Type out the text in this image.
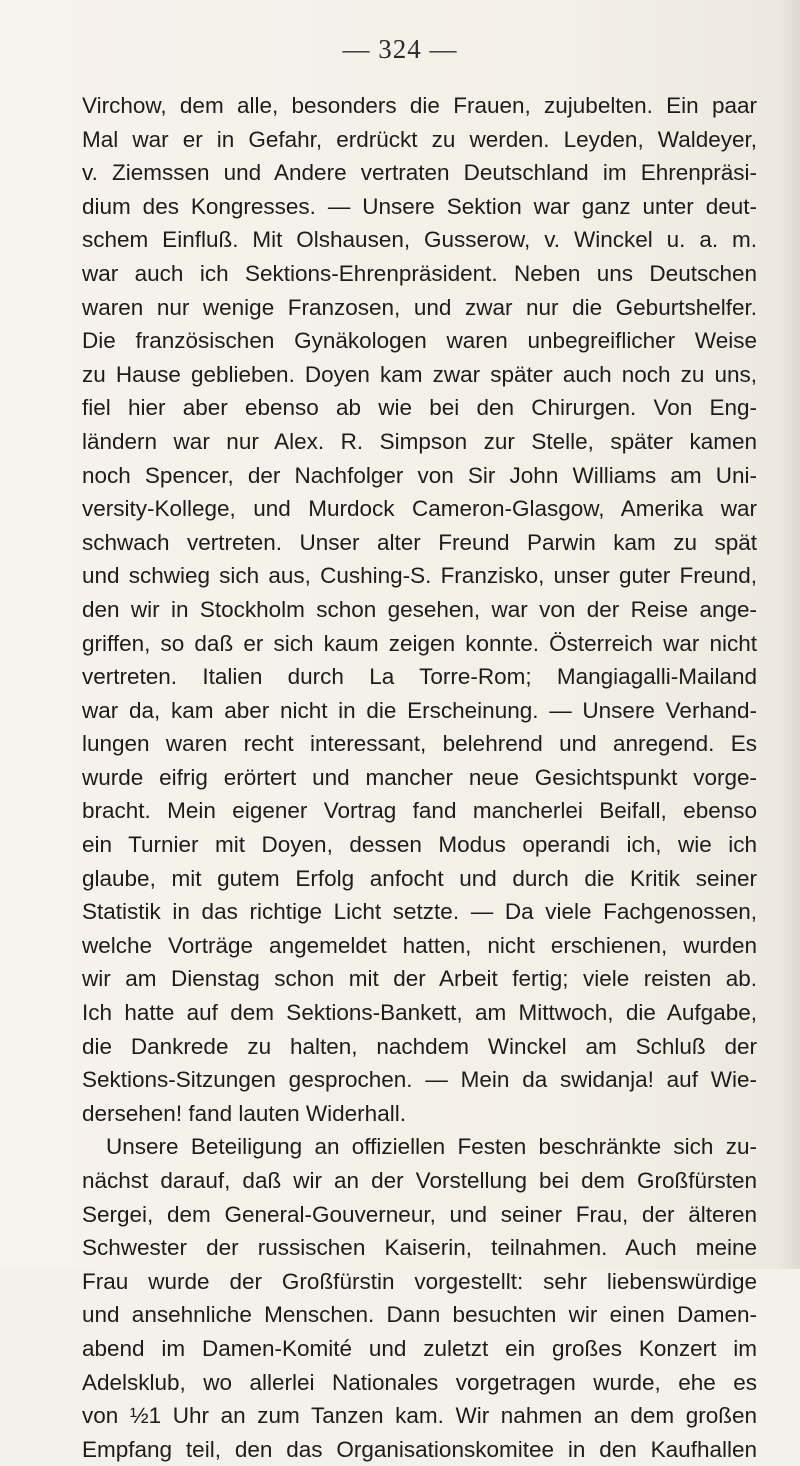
— 324 —
Virchow, dem alle, besonders die Frauen, zujubelten. Ein paar
Mal war er in Gefahr, erdrückt zu werden. Leyden, Waldeyer,
v. Ziemssen und Andere vertraten Deutschland im Ehrenpräsi-
dium des Kongresses. — Unsere Sektion war ganz unter deut-
schem Einfluß. Mit Olshausen, Gusserow, v. Winckel u. a. m.
war auch ich Sektions-Ehrenpräsident. Neben uns Deutschen
waren nur wenige Franzosen, und zwar nur die Geburtshelfer.
Die französischen Gynäkologen waren unbegreiflicher Weise
zu Hause geblieben. Doyen kam zwar später auch noch zu uns,
fiel hier aber ebenso ab wie bei den Chirurgen. Von Eng-
ländern war nur Alex. R. Simpson zur Stelle, später kamen
noch Spencer, der Nachfolger von Sir John Williams am Uni-
versity-Kollege, und Murdock Cameron-Glasgow, Amerika war
schwach vertreten. Unser alter Freund Parwin kam zu spät
und schwieg sich aus, Cushing-S. Franzisko, unser guter Freund,
den wir in Stockholm schon gesehen, war von der Reise ange-
griffen, so daß er sich kaum zeigen konnte. Österreich war nicht
vertreten. Italien durch La Torre-Rom; Mangiagalli-Mailand
war da, kam aber nicht in die Erscheinung. — Unsere Verhand-
lungen waren recht interessant, belehrend und anregend. Es
wurde eifrig erörtert und mancher neue Gesichtspunkt vorge-
bracht. Mein eigener Vortrag fand mancherlei Beifall, ebenso
ein Turnier mit Doyen, dessen Modus operandi ich, wie ich
glaube, mit gutem Erfolg anfocht und durch die Kritik seiner
Statistik in das richtige Licht setzte. — Da viele Fachgenossen,
welche Vorträge angemeldet hatten, nicht erschienen, wurden
wir am Dienstag schon mit der Arbeit fertig; viele reisten ab.
Ich hatte auf dem Sektions-Bankett, am Mittwoch, die Aufgabe,
die Dankrede zu halten, nachdem Winckel am Schluß der
Sektions-Sitzungen gesprochen. — Mein da swidanja! auf Wie-
dersehen! fand lauten Widerhall.
Unsere Beteiligung an offiziellen Festen beschränkte sich zu-
nächst darauf, daß wir an der Vorstellung bei dem Großfürsten
Sergei, dem General-Gouverneur, und seiner Frau, der älteren
Schwester der russischen Kaiserin, teilnahmen. Auch meine
Frau wurde der Großfürstin vorgestellt: sehr liebenswürdige
und ansehnliche Menschen. Dann besuchten wir einen Damen-
abend im Damen-Komité und zuletzt ein großes Konzert im
Adelsklub, wo allerlei Nationales vorgetragen wurde, ehe es
von ½1 Uhr an zum Tanzen kam. Wir nahmen an dem großen
Empfang teil, den das Organisationskomitee in den Kaufhallen
